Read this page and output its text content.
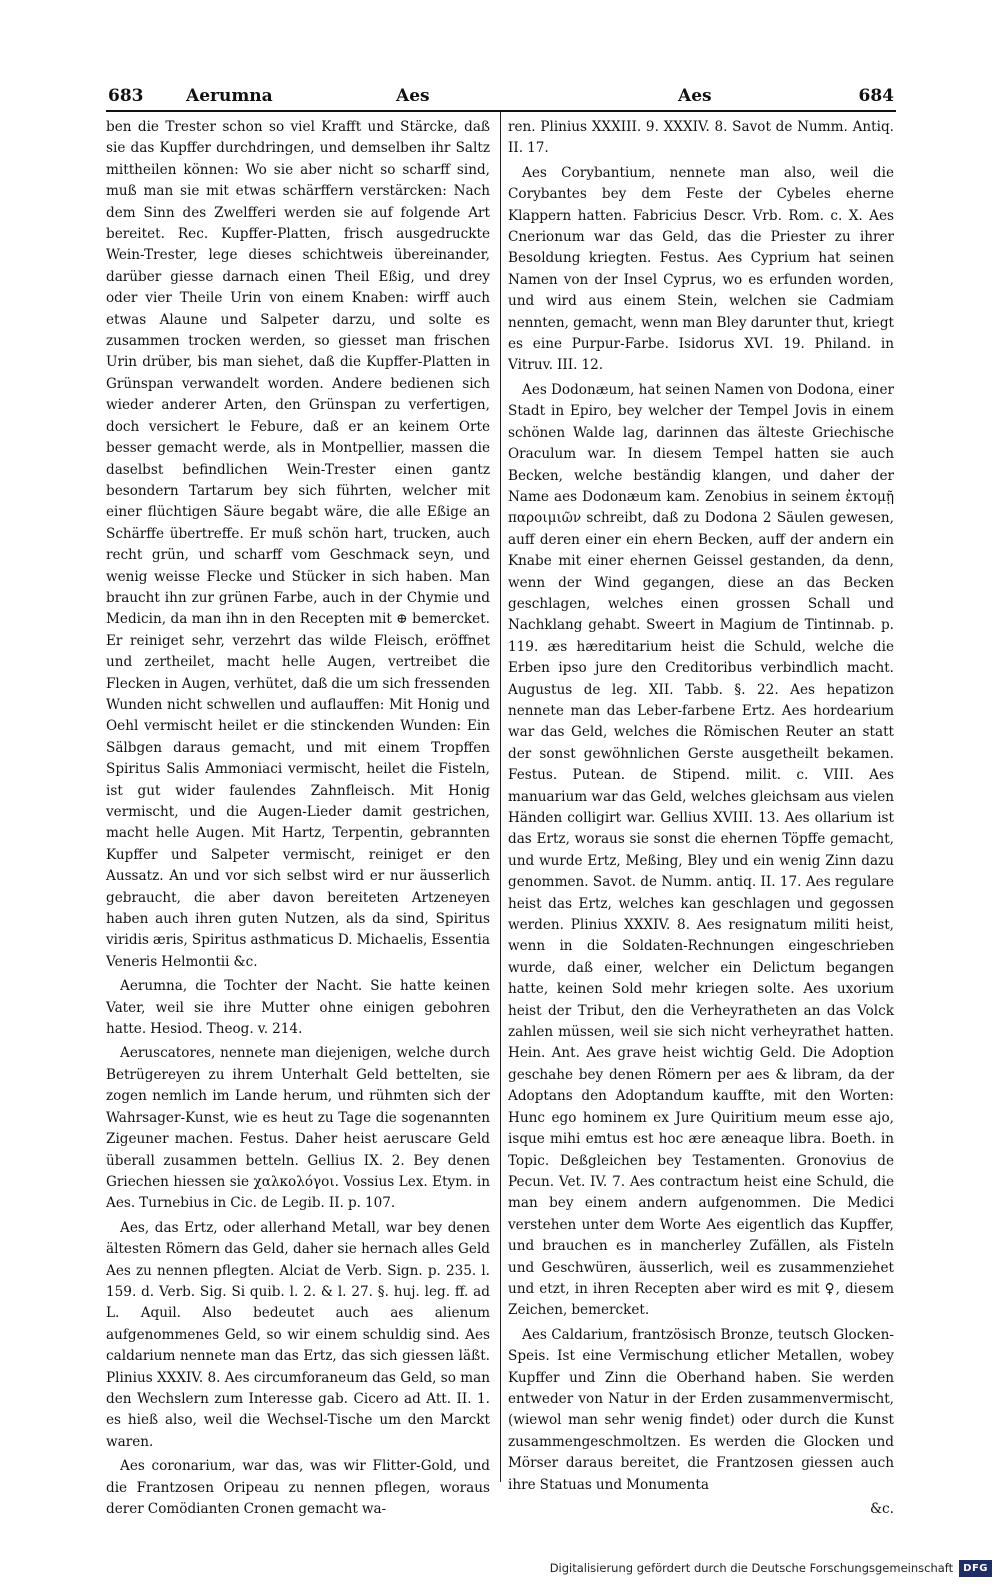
683	Aerumna	Aes	Aes	684

ben die Trester schon so viel Krafft und Stärcke, daß sie das Kupffer durchdringen, und demselben ihr Saltz mittheilen können: Wo sie aber nicht so scharff sind, muß man sie mit etwas schärffern verstärcken: Nach dem Sinn des Zwelfferi werden sie auf folgende Art bereitet. Rec. Kupffer-Platten, frisch ausgedruckte Wein-Trester, lege dieses schichtweis übereinander, darüber giesse darnach einen Theil Eßig, und drey oder vier Theile Urin von einem Knaben: wirff auch etwas Alaune und Salpeter darzu, und solte es zusammen trocken werden, so giesset man frischen Urin drüber, bis man siehet, daß die Kupffer-Platten in Grünspan verwandelt worden. Andere bedienen sich wieder anderer Arten, den Grünspan zu verfertigen, doch versichert le Febure, daß er an keinem Orte besser gemacht werde, als in Montpellier, massen die daselbst befindlichen Wein-Trester einen gantz besondern Tartarum bey sich führten, welcher mit einer flüchtigen Säure begabt wäre, die alle Eßige an Schärffe übertreffe. Er muß schön hart, trucken, auch recht grün, und scharff vom Geschmack seyn, und wenig weisse Flecke und Stücker in sich haben. Man braucht ihn zur grünen Farbe, auch in der Chymie und Medicin, da man ihn in den Recepten mit ⊕ bemercket. Er reiniget sehr, verzehrt das wilde Fleisch, eröffnet und zertheilet, macht helle Augen, vertreibet die Flecken in Augen, verhütet, daß die um sich fressenden Wunden nicht schwellen und auflauffen: Mit Honig und Oehl vermischt heilet er die stinckenden Wunden: Ein Sälbgen daraus gemacht, und mit einem Tropffen Spiritus Salis Ammoniaci vermischt, heilet die Fisteln, ist gut wider faulendes Zahnfleisch. Mit Honig vermischt, und die Augen-Lieder damit gestrichen, macht helle Augen. Mit Hartz, Terpentin, gebrannten Kupffer und Salpeter vermischt, reiniget er den Aussatz. An und vor sich selbst wird er nur äusserlich gebraucht, die aber davon bereiteten Artzeneyen haben auch ihren guten Nutzen, als da sind, Spiritus viridis æris, Spiritus asthmaticus D. Michaelis, Essentia Veneris Helmontii &c.

Aerumna, die Tochter der Nacht. Sie hatte keinen Vater, weil sie ihre Mutter ohne einigen gebohren hatte. Hesiod. Theog. v. 214.

Aeruscatores, nennete man diejenigen, welche durch Betrügereyen zu ihrem Unterhalt Geld bettelten, sie zogen nemlich im Lande herum, und rühmten sich der Wahrsager-Kunst, wie es heut zu Tage die sogenannten Zigeuner machen. Festus. Daher heist aeruscare Geld überall zusammen betteln. Gellius IX. 2. Bey denen Griechen hiessen sie χαλκολόγοι. Vossius Lex. Etym. in Aes. Turnebius in Cic. de Legib. II. p. 107.

Aes, das Ertz, oder allerhand Metall, war bey denen ältesten Römern das Geld, daher sie hernach alles Geld Aes zu nennen pflegten. Alciat de Verb. Sign. p. 235. l. 159. d. Verb. Sig. Si quib. l. 2. & l. 27. §. huj. leg. ff. ad L. Aquil. Also bedeutet auch aes alienum aufgenommenes Geld, so wir einem schuldig sind. Aes caldarium nennete man das Ertz, das sich giessen läßt. Plinius XXXIV. 8. Aes circumforaneum das Geld, so man den Wechslern zum Interesse gab. Cicero ad Att. II. 1. es hieß also, weil die Wechsel-Tische um den Marckt waren.

Aes coronarium, war das, was wir Flitter-Gold, und die Frantzosen Oripeau zu nennen pflegen, woraus derer Comödianten Cronen gemacht wa-

ren. Plinius XXXIII. 9. XXXIV. 8. Savot de Numm. Antiq. II. 17.

Aes Corybantium, nennete man also, weil die Corybantes bey dem Feste der Cybeles eherne Klappern hatten. Fabricius Descr. Vrb. Rom. c. X. Aes Cnerionum war das Geld, das die Priester zu ihrer Besoldung kriegten. Festus. Aes Cyprium hat seinen Namen von der Insel Cyprus, wo es erfunden worden, und wird aus einem Stein, welchen sie Cadmiam nennten, gemacht, wenn man Bley darunter thut, kriegt es eine Purpur-Farbe. Isidorus XVI. 19. Philand. in Vitruv. III. 12.

Aes Dodonæum, hat seinen Namen von Dodona, einer Stadt in Epiro, bey welcher der Tempel Jovis in einem schönen Walde lag, darinnen das älteste Griechische Oraculum war. In diesem Tempel hatten sie auch Becken, welche beständig klangen, und daher der Name aes Dodonæum kam. Zenobius in seinem ἐκτομῇ παροιμιῶν schreibt, daß zu Dodona 2 Säulen gewesen, auff deren einer ein ehern Becken, auff der andern ein Knabe mit einer ehernen Geissel gestanden, da denn, wenn der Wind gegangen, diese an das Becken geschlagen, welches einen grossen Schall und Nachklang gehabt. Sweert in Magium de Tintinnab. p. 119. æs hæreditarium heist die Schuld, welche die Erben ipso jure den Creditoribus verbindlich macht. Augustus de leg. XII. Tabb. §. 22. Aes hepatizon nennete man das Leber-farbene Ertz. Aes hordearium war das Geld, welches die Römischen Reuter an statt der sonst gewöhnlichen Gerste ausgetheilt bekamen. Festus. Putean. de Stipend. milit. c. VIII. Aes manuarium war das Geld, welches gleichsam aus vielen Händen colligirt war. Gellius XVIII. 13. Aes ollarium ist das Ertz, woraus sie sonst die ehernen Töpffe gemacht, und wurde Ertz, Meßing, Bley und ein wenig Zinn dazu genommen. Savot. de Numm. antiq. II. 17. Aes regulare heist das Ertz, welches kan geschlagen und gegossen werden. Plinius XXXIV. 8. Aes resignatum militi heist, wenn in die Soldaten-Rechnungen eingeschrieben wurde, daß einer, welcher ein Delictum begangen hatte, keinen Sold mehr kriegen solte. Aes uxorium heist der Tribut, den die Verheyratheten an das Volck zahlen müssen, weil sie sich nicht verheyrathet hatten. Hein. Ant. Aes grave heist wichtig Geld. Die Adoption geschahe bey denen Römern per aes & libram, da der Adoptans den Adoptandum kauffte, mit den Worten: Hunc ego hominem ex Jure Quiritium meum esse ajo, isque mihi emtus est hoc ære æneaque libra. Boeth. in Topic. Deßgleichen bey Testamenten. Gronovius de Pecun. Vet. IV. 7. Aes contractum heist eine Schuld, die man bey einem andern aufgenommen. Die Medici verstehen unter dem Worte Aes eigentlich das Kupffer, und brauchen es in mancherley Zufällen, als Fisteln und Geschwüren, äusserlich, weil es zusammenziehet und etzt, in ihren Recepten aber wird es mit ♀, diesem Zeichen, bemercket.

Aes Caldarium, frantzösisch Bronze, teutsch Glocken-Speis. Ist eine Vermischung etlicher Metallen, wobey Kupffer und Zinn die Oberhand haben. Sie werden entweder von Natur in der Erden zusammenvermischt, (wiewol man sehr wenig findet) oder durch die Kunst zusammengeschmoltzen. Es werden die Glocken und Mörser daraus bereitet, die Frantzosen giessen auch ihre Statuas und Monumenta

&c.

Digitalisierung gefördert durch die Deutsche Forschungsgemeinschaft	DFG
